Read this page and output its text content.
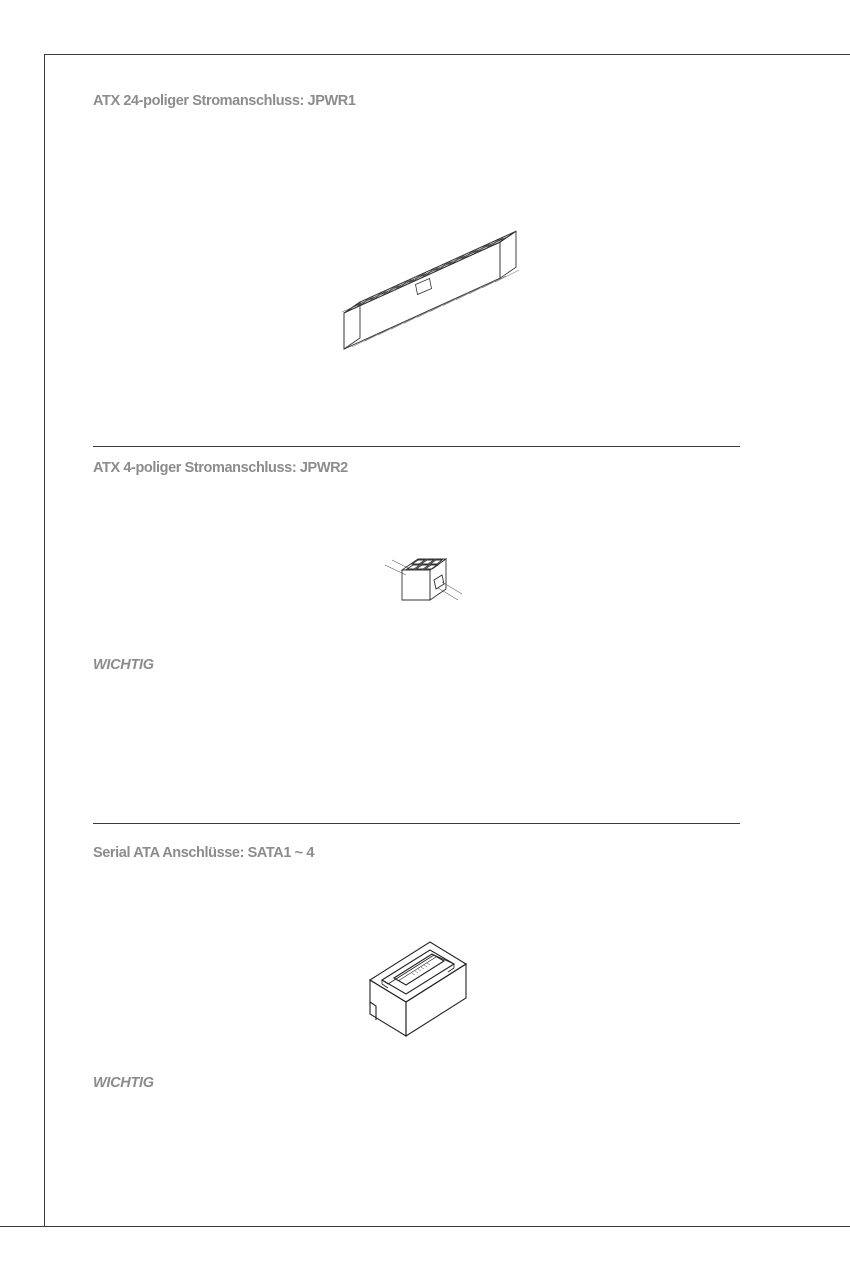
ATX 24-poliger Stromanschluss: JPWR1
ATX 4-poliger Stromanschluss: JPWR2

WICHTIG

Serial ATA Anschlüsse: SATA1 ~ 4

WICHTIG
